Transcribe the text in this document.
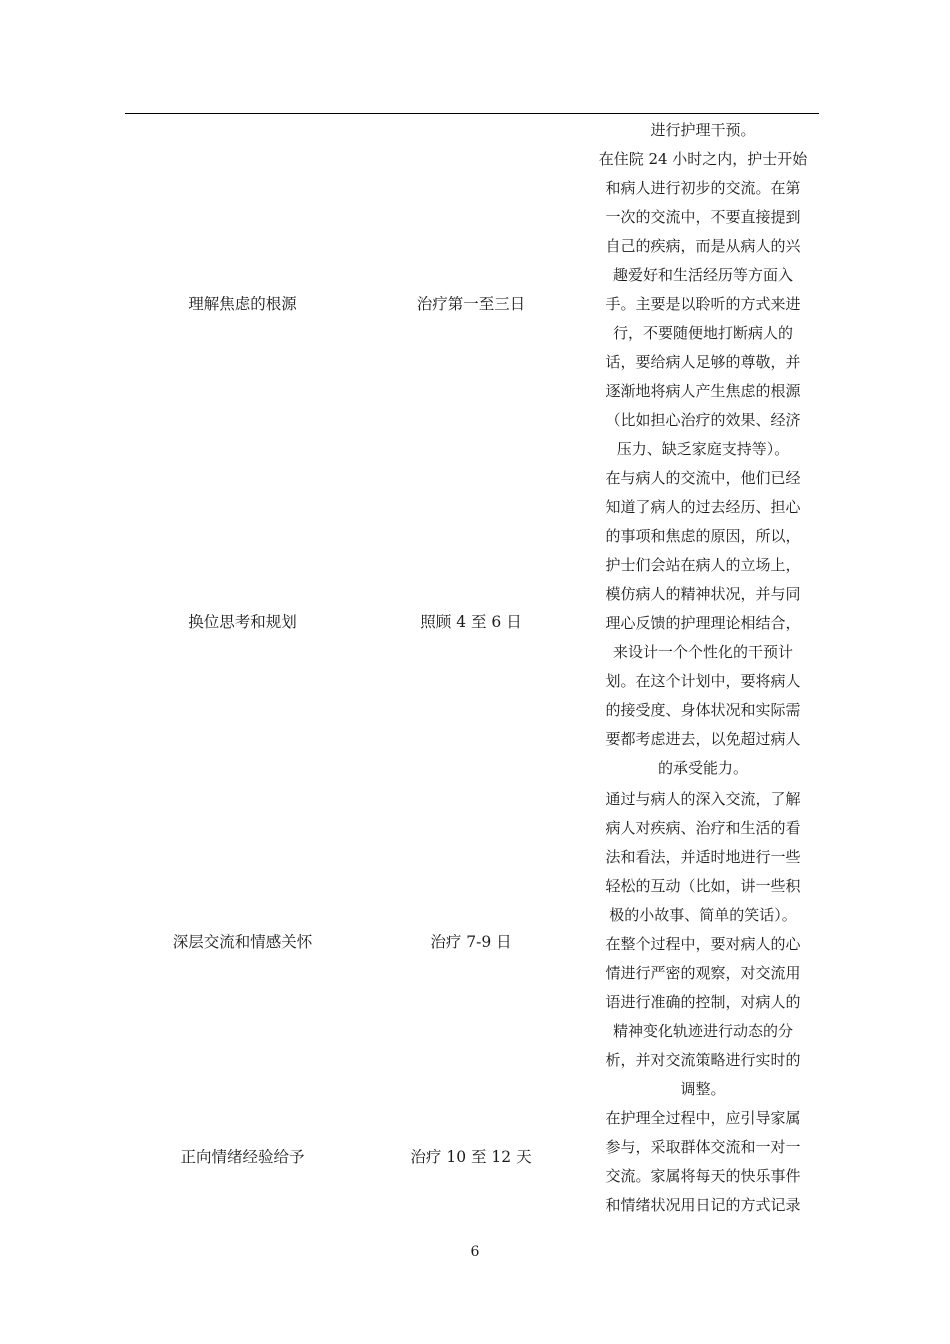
进行护理干预。
理解焦虑的根源	治疗第一至三日
在住院 24 小时之内，护士开始
和病人进行初步的交流。在第
一次的交流中，不要直接提到
自己的疾病，而是从病人的兴
趣爱好和生活经历等方面入
手。主要是以聆听的方式来进
行，不要随便地打断病人的
话，要给病人足够的尊敬，并
逐渐地将病人产生焦虑的根源
（比如担心治疗的效果、经济
压力、缺乏家庭支持等）。
换位思考和规划	照顾 4 至 6 日
在与病人的交流中，他们已经
知道了病人的过去经历、担心
的事项和焦虑的原因，所以，
护士们会站在病人的立场上，
模仿病人的精神状况，并与同
理心反馈的护理理论相结合，
来设计一个个性化的干预计
划。在这个计划中，要将病人
的接受度、身体状况和实际需
要都考虑进去，以免超过病人
的承受能力。
深层交流和情感关怀	治疗 7-9 日
通过与病人的深入交流，了解
病人对疾病、治疗和生活的看
法和看法，并适时地进行一些
轻松的互动（比如，讲一些积
极的小故事、简单的笑话）。
在整个过程中，要对病人的心
情进行严密的观察，对交流用
语进行准确的控制，对病人的
精神变化轨迹进行动态的分
析，并对交流策略进行实时的
调整。
正向情绪经验给予	治疗 10 至 12 天
在护理全过程中，应引导家属
参与，采取群体交流和一对一
交流。家属将每天的快乐事件
和情绪状况用日记的方式记录
6
